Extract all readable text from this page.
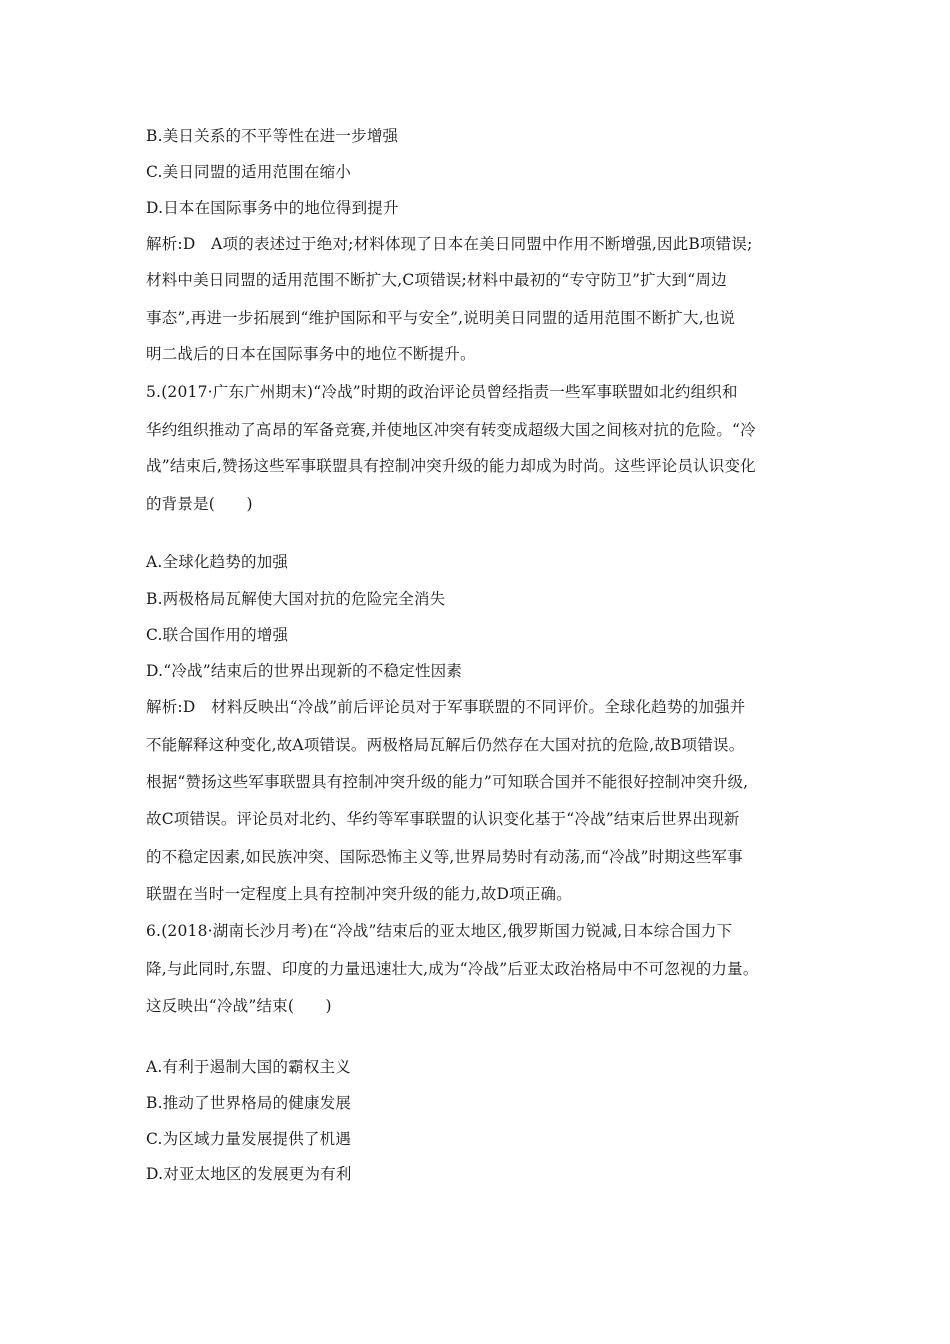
B.美日关系的不平等性在进一步增强
C.美日同盟的适用范围在缩小
D.日本在国际事务中的地位得到提升
解析:D　A项的表述过于绝对;材料体现了日本在美日同盟中作用不断增强,因此B项错误;
材料中美日同盟的适用范围不断扩大,C项错误;材料中最初的“专守防卫”扩大到“周边
事态”,再进一步拓展到“维护国际和平与安全”,说明美日同盟的适用范围不断扩大,也说
明二战后的日本在国际事务中的地位不断提升。
5.(2017·广东广州期末)“冷战”时期的政治评论员曾经指责一些军事联盟如北约组织和
华约组织推动了高昂的军备竞赛,并使地区冲突有转变成超级大国之间核对抗的危险。“冷
战”结束后,赞扬这些军事联盟具有控制冲突升级的能力却成为时尚。这些评论员认识变化
的背景是(　　)
A.全球化趋势的加强
B.两极格局瓦解使大国对抗的危险完全消失
C.联合国作用的增强
D.“冷战”结束后的世界出现新的不稳定性因素
解析:D　材料反映出“冷战”前后评论员对于军事联盟的不同评价。全球化趋势的加强并
不能解释这种变化,故A项错误。两极格局瓦解后仍然存在大国对抗的危险,故B项错误。
根据“赞扬这些军事联盟具有控制冲突升级的能力”可知联合国并不能很好控制冲突升级,
故C项错误。评论员对北约、华约等军事联盟的认识变化基于“冷战”结束后世界出现新
的不稳定因素,如民族冲突、国际恐怖主义等,世界局势时有动荡,而“冷战”时期这些军事
联盟在当时一定程度上具有控制冲突升级的能力,故D项正确。
6.(2018·湖南长沙月考)在“冷战”结束后的亚太地区,俄罗斯国力锐减,日本综合国力下
降,与此同时,东盟、印度的力量迅速壮大,成为“冷战”后亚太政治格局中不可忽视的力量。
这反映出“冷战”结束(　　)
A.有利于遏制大国的霸权主义
B.推动了世界格局的健康发展
C.为区域力量发展提供了机遇
D.对亚太地区的发展更为有利
